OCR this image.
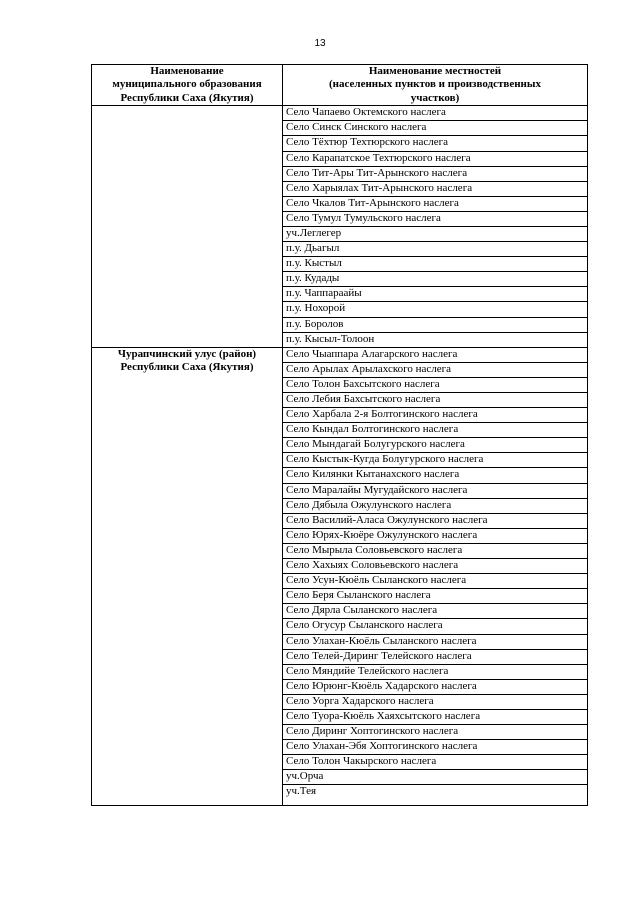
13
Наименование
муниципального образования
Республики Саха (Якутия)	Наименование местностей
(населенных пунктов и производственных
участков)

	Село Чапаево Октемского наслега
	Село Синск Синского наслега
	Село Тёхтюр Техтюрского наслега
	Село Карапатское Техтюрского наслега
	Село Тит-Ары Тит-Арынского наслега
	Село Харыялах Тит-Арынского наслега
	Село Чкалов Тит-Арынского наслега
	Село Тумул Тумульского наслега
	уч.Леглегер
	п.у. Дьагыл
	п.у. Кыстыл
	п.у. Кудады
	п.у. Чаппараайы
	п.у. Нохорой
	п.у. Боролов
	п.у. Кысыл-Толоон

Чурапчинский улус (район)
Республики Саха (Якутия)	Село Чыаппара Алагарского наслега
	Село Арылах Арылахского наслега
	Село Толон Бахсытского наслега
	Село Лебия Бахсытского наслега
	Село Харбала 2-я Болтогинского наслега
	Село Кындал Болтогинского наслега
	Село Мындагай Болугурского наслега
	Село Кыстык-Кугда Болугурского наслега
	Село Килянки Кытанахского наслега
	Село Маралайы Мугудайского наслега
	Село Дябыла Ожулунского наслега
	Село Василий-Аласа Ожулунского наслега
	Село Юрях-Кюёре Ожулунского наслега
	Село Мырыла Соловьевского наслега
	Село Хахыях Соловьевского наслега
	Село Усун-Кюёль Сыланского наслега
	Село Беря Сыланского наслега
	Село Дярла Сыланского наслега
	Село Огусур Сыланского наслега
	Село Улахан-Кюёль Сыланского наслега
	Село Телей-Диринг Телейского наслега
	Село Мяндийе Телейского наслега
	Село Юрюнг-Кюёль Хадарского наслега
	Село Уорга Хадарского наслега
	Село Туора-Кюёль Хаяхсытского наслега
	Село Диринг Хоптогинского наслега
	Село Улахан-Эбя Хоптогинского наслега
	Село Толон Чакырского наслега
	уч.Орча
	уч.Тея
